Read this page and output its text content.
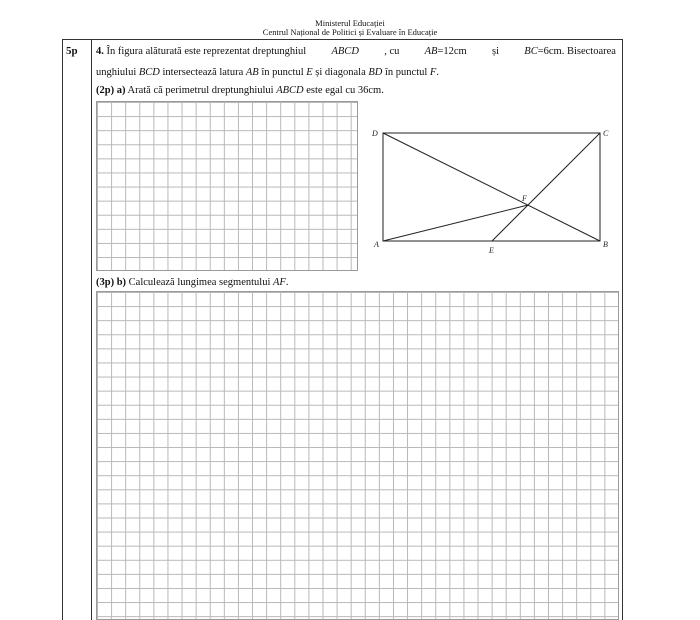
Ministerul Educației
Centrul Național de Politici și Evaluare în Educație
5p 4. În figura alăturată este reprezentat dreptunghiul ABCD , cu AB=12cm și BC=6cm. Bisectoarea
unghiului BCD intersectează latura AB în punctul E și diagonala BD în punctul F.
(2p) a) Arată că perimetrul dreptunghiului ABCD este egal cu 36cm.
D	C
A	B
E
F
(3p) b) Calculează lungimea segmentului AF.
